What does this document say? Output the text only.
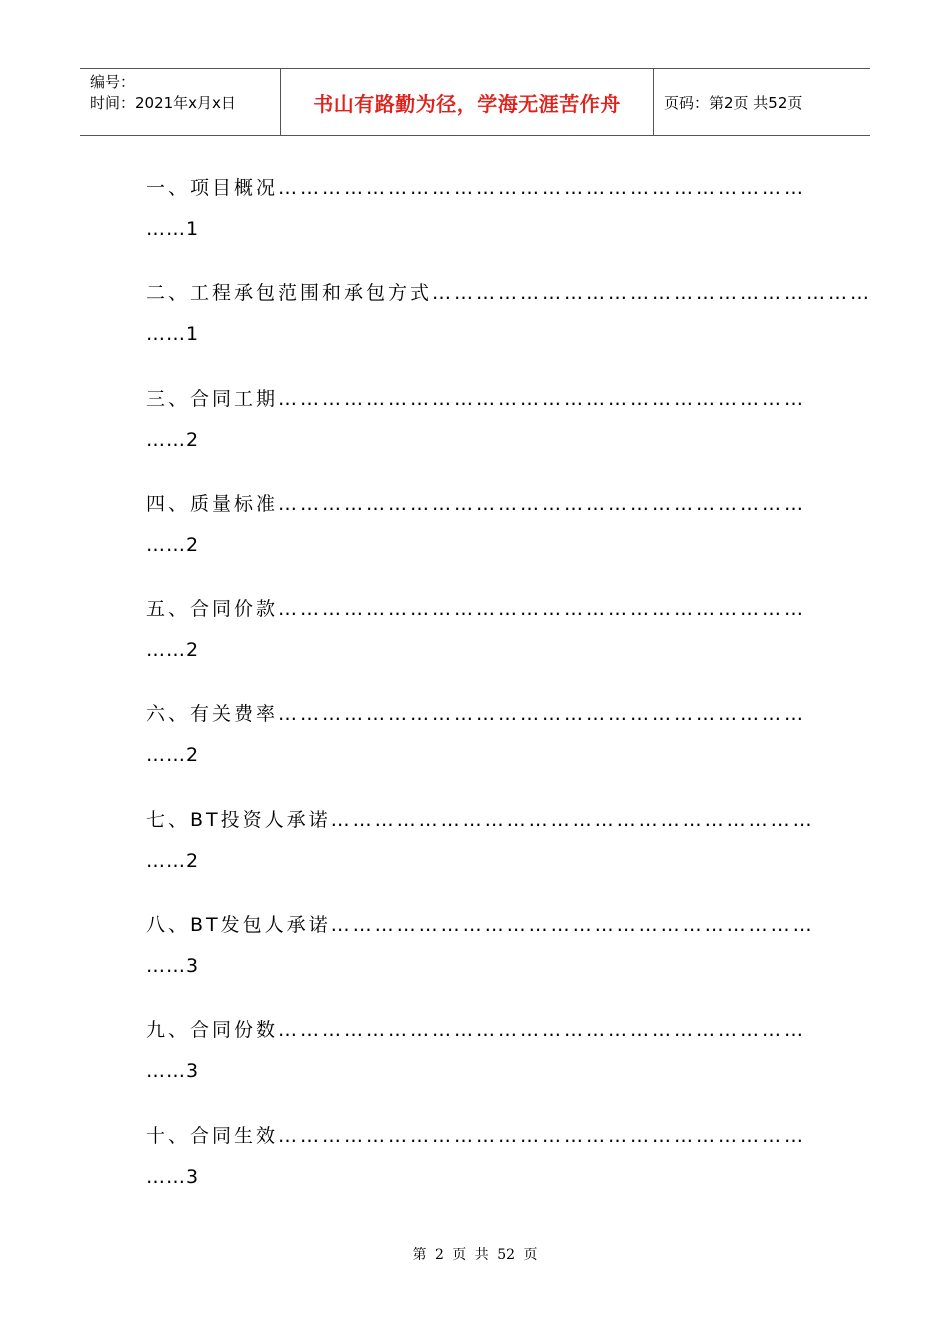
编号：
时间：2021年x月x日	书山有路勤为径，学海无涯苦作舟	页码：第2页 共52页
一、项目概况………………………………………………………………
……1
二、工程承包范围和承包方式……………………………………………………
……1
三、合同工期………………………………………………………………
……2
四、质量标准………………………………………………………………
……2
五、合同价款………………………………………………………………
……2
六、有关费率………………………………………………………………
……2
七、BT投资人承诺…………………………………………………………
……2
八、BT发包人承诺…………………………………………………………
……3
九、合同份数………………………………………………………………
……3
十、合同生效………………………………………………………………
……3
第 2 页 共 52 页
